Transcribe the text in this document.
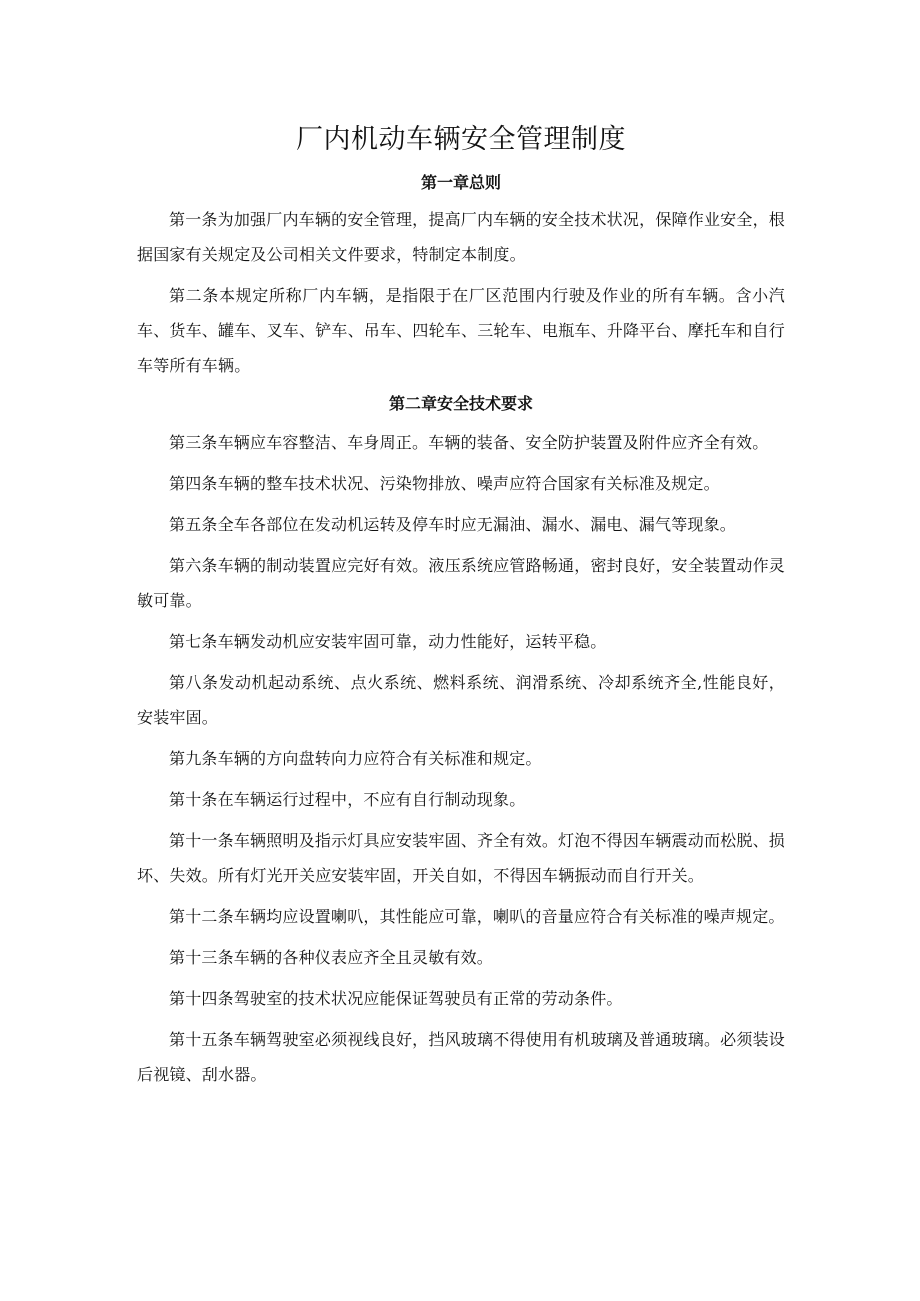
厂内机动车辆安全管理制度
第一章总则

第一条为加强厂内车辆的安全管理，提高厂内车辆的安全技术状况，保障作业安全，根据国家有关规定及公司相关文件要求，特制定本制度。

第二条本规定所称厂内车辆，是指限于在厂区范围内行驶及作业的所有车辆。含小汽车、货车、罐车、叉车、铲车、吊车、四轮车、三轮车、电瓶车、升降平台、摩托车和自行车等所有车辆。

第二章安全技术要求

第三条车辆应车容整洁、车身周正。车辆的装备、安全防护装置及附件应齐全有效。

第四条车辆的整车技术状况、污染物排放、噪声应符合国家有关标准及规定。

第五条全车各部位在发动机运转及停车时应无漏油、漏水、漏电、漏气等现象。

第六条车辆的制动装置应完好有效。液压系统应管路畅通，密封良好，安全装置动作灵敏可靠。

第七条车辆发动机应安装牢固可靠，动力性能好，运转平稳。

第八条发动机起动系统、点火系统、燃料系统、润滑系统、冷却系统齐全,性能良好，安装牢固。

第九条车辆的方向盘转向力应符合有关标准和规定。

第十条在车辆运行过程中，不应有自行制动现象。

第十一条车辆照明及指示灯具应安装牢固、齐全有效。灯泡不得因车辆震动而松脱、损坏、失效。所有灯光开关应安装牢固，开关自如，不得因车辆振动而自行开关。

第十二条车辆均应设置喇叭，其性能应可靠，喇叭的音量应符合有关标准的噪声规定。

第十三条车辆的各种仪表应齐全且灵敏有效。

第十四条驾驶室的技术状况应能保证驾驶员有正常的劳动条件。

第十五条车辆驾驶室必须视线良好，挡风玻璃不得使用有机玻璃及普通玻璃。必须装设后视镜、刮水器。
